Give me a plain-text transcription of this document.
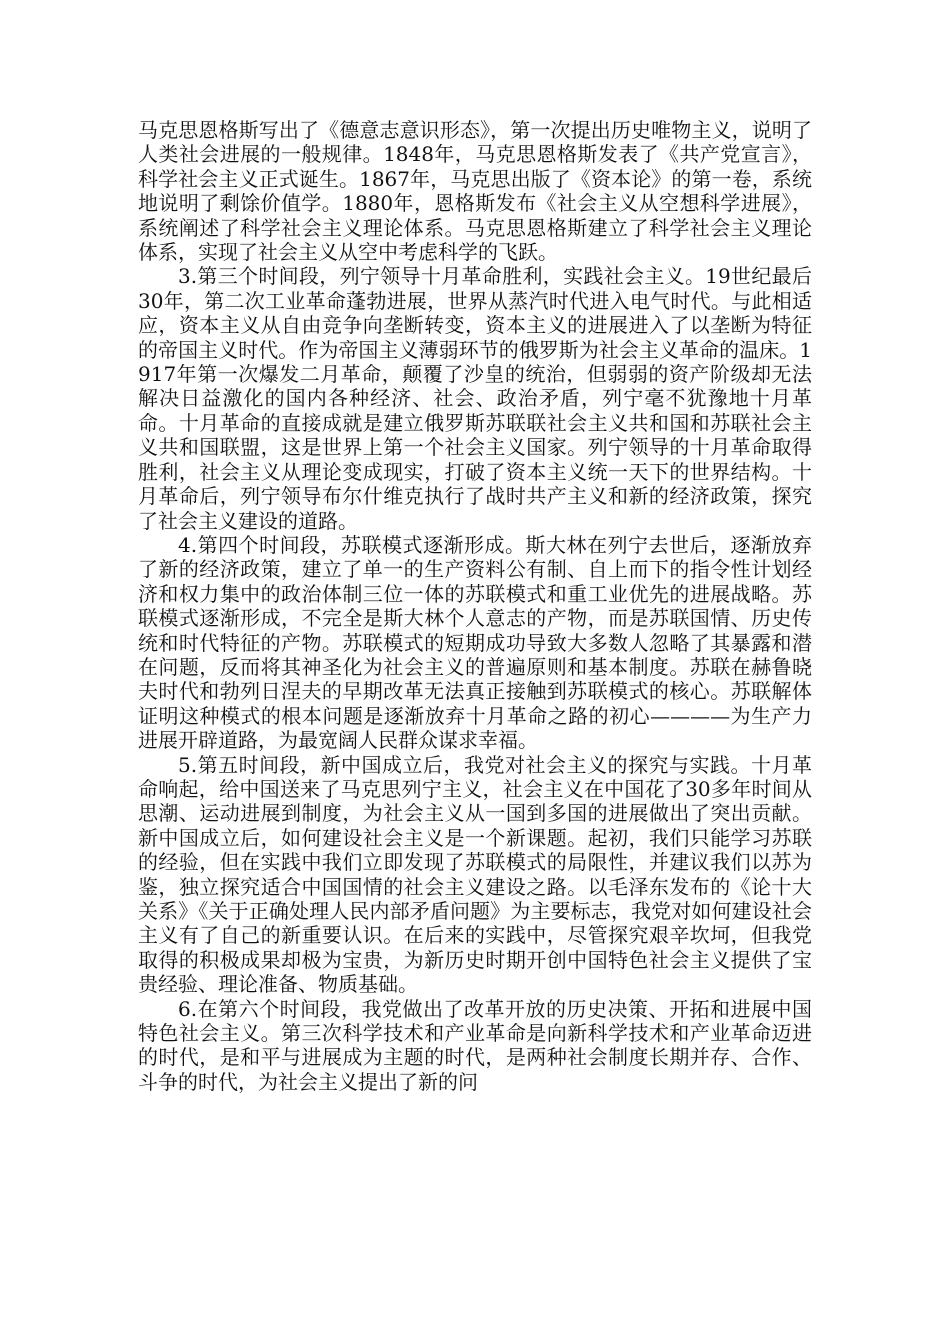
马克思恩格斯写出了《德意志意识形态》，第一次提出历史唯物主义，说明了人类社会进展的一般规律。1848年，马克思恩格斯发表了《共产党宣言》，科学社会主义正式诞生。1867年，马克思出版了《资本论》的第一卷，系统地说明了剩馀价值学。1880年，恩格斯发布《社会主义从空想科学进展》，系统阐述了科学社会主义理论体系。马克思恩格斯建立了科学社会主义理论体系，实现了社会主义从空中考虑科学的飞跃。

3.第三个时间段，列宁领导十月革命胜利，实践社会主义。19世纪最后30年，第二次工业革命蓬勃进展，世界从蒸汽时代进入电气时代。与此相适应，资本主义从自由竞争向垄断转变，资本主义的进展进入了以垄断为特征的帝国主义时代。作为帝国主义薄弱环节的俄罗斯为社会主义革命的温床。1917年第一次爆发二月革命，颠覆了沙皇的统治，但弱弱的资产阶级却无法解决日益激化的国内各种经济、社会、政治矛盾，列宁毫不犹豫地十月革命。十月革命的直接成就是建立俄罗斯苏联联社会主义共和国和苏联社会主义共和国联盟，这是世界上第一个社会主义国家。列宁领导的十月革命取得胜利，社会主义从理论变成现实，打破了资本主义统一天下的世界结构。十月革命后，列宁领导布尔什维克执行了战时共产主义和新的经济政策，探究了社会主义建设的道路。

4.第四个时间段，苏联模式逐渐形成。斯大林在列宁去世后，逐渐放弃了新的经济政策，建立了单一的生产资料公有制、自上而下的指令性计划经济和权力集中的政治体制三位一体的苏联模式和重工业优先的进展战略。苏联模式逐渐形成，不完全是斯大林个人意志的产物，而是苏联国情、历史传统和时代特征的产物。苏联模式的短期成功导致大多数人忽略了其暴露和潜在问题，反而将其神圣化为社会主义的普遍原则和基本制度。苏联在赫鲁晓夫时代和勃列日涅夫的早期改革无法真正接触到苏联模式的核心。苏联解体证明这种模式的根本问题是逐渐放弃十月革命之路的初心————为生产力进展开辟道路，为最宽阔人民群众谋求幸福。

5.第五时间段，新中国成立后，我党对社会主义的探究与实践。十月革命响起，给中国送来了马克思列宁主义，社会主义在中国花了30多年时间从思潮、运动进展到制度，为社会主义从一国到多国的进展做出了突出贡献。新中国成立后，如何建设社会主义是一个新课题。起初，我们只能学习苏联的经验，但在实践中我们立即发现了苏联模式的局限性，并建议我们以苏为鉴，独立探究适合中国国情的社会主义建设之路。以毛泽东发布的《论十大关系》《关于正确处理人民内部矛盾问题》为主要标志，我党对如何建设社会主义有了自己的新重要认识。在后来的实践中，尽管探究艰辛坎坷，但我党取得的积极成果却极为宝贵，为新历史时期开创中国特色社会主义提供了宝贵经验、理论准备、物质基础。

6.在第六个时间段，我党做出了改革开放的历史决策、开拓和进展中国特色社会主义。第三次科学技术和产业革命是向新科学技术和产业革命迈进的时代，是和平与进展成为主题的时代，是两种社会制度长期并存、合作、斗争的时代，为社会主义提出了新的问
